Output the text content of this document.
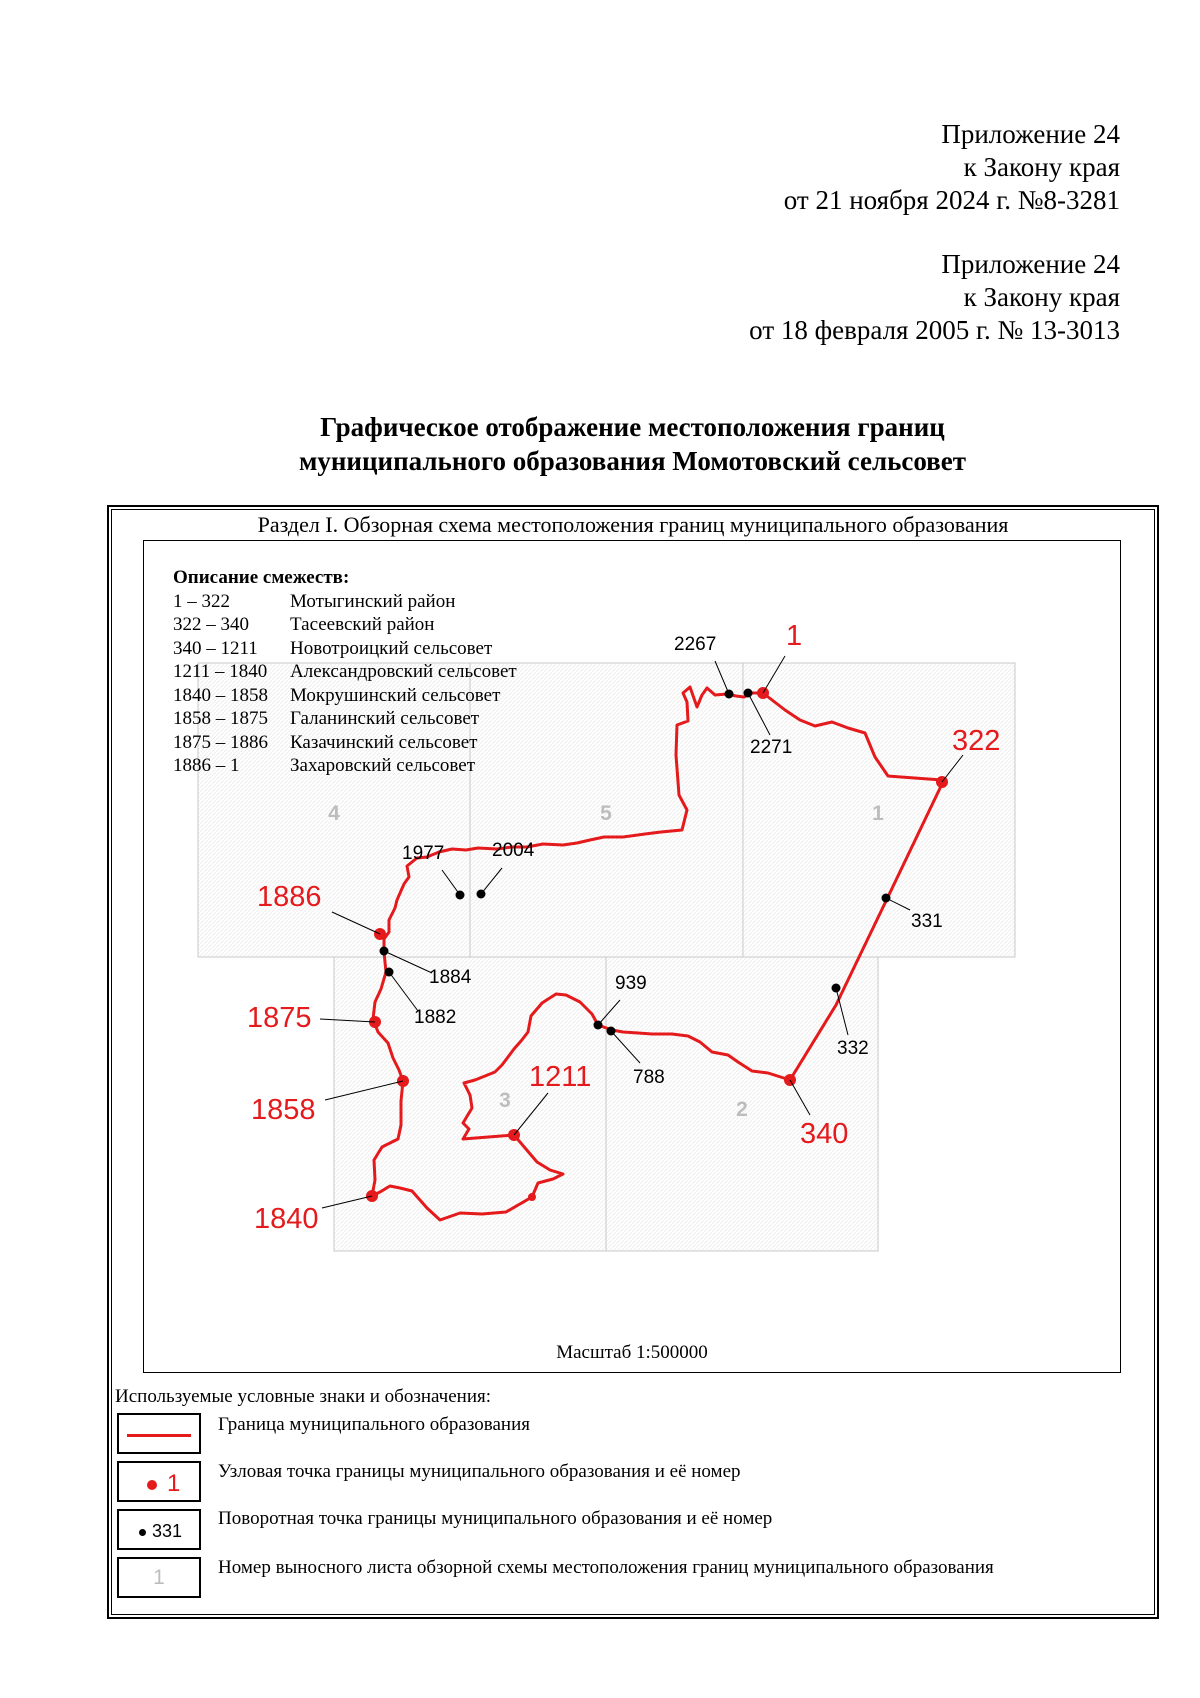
Приложение 24
к Закону края
от 21 ноября 2024 г. №8-3281
Приложение 24
к Закону края
от 18 февраля 2005 г. № 13-3013
Графическое отображение местоположения границ
муниципального образования Момотовский сельсовет
Раздел I. Обзорная схема местоположения границ муниципального образования
Описание смежеств:
1 – 322	Мотыгинский район
322 – 340	Тасеевский район
340 – 1211	Новотроицкий сельсовет
1211 – 1840	Александровский сельсовет
1840 – 1858	Мокрушинский сельсовет
1858 – 1875	Галанинский сельсовет
1875 – 1886	Казачинский сельсовет
1886 – 1	Захаровский сельсовет
4	5	1
3	2
1
322
340
1211
1840
1858
1875
1886
2267
2271
331
332
939
788
1977	2004
1884
1882
Масштаб 1:500000
Используемые условные знаки и обозначения:
Граница муниципального образования
1 Узловая точка границы муниципального образования и её номер
331
Поворотная точка границы муниципального образования и её номер
1	Номер выносного листа обзорной схемы местоположения границ муниципального образования
